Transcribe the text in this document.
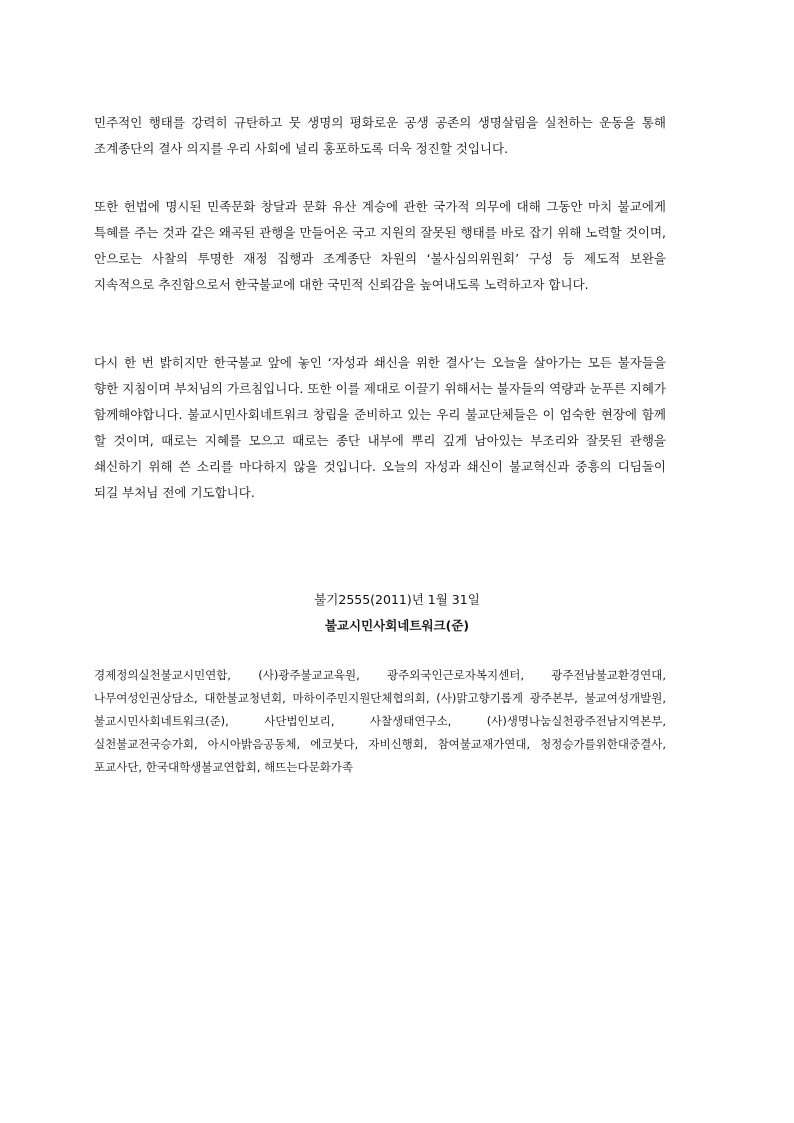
민주적인 행태를 강력히 규탄하고 뭇 생명의 평화로운 공생 공존의 생명살림을 실천하는 운동을 통해 조계종단의 결사 의지를 우리 사회에 널리 홍포하도록 더욱 정진할 것입니다.

또한 헌법에 명시된 민족문화 창달과 문화 유산 계승에 관한 국가적 의무에 대해 그동안 마치 불교에게 특혜를 주는 것과 같은 왜곡된 관행을 만들어온 국고 지원의 잘못된 행태를 바로 잡기 위해 노력할 것이며, 안으로는 사찰의 투명한 재정 집행과 조계종단 차원의 ‘불사심의위원회’ 구성 등 제도적 보완을 지속적으로 추진함으로서 한국불교에 대한 국민적 신뢰감을 높여내도록 노력하고자 합니다.

다시 한 번 밝히지만 한국불교 앞에 놓인 ‘자성과 쇄신을 위한 결사’는 오늘을 살아가는 모든 불자들을 향한 지침이며 부처님의 가르침입니다. 또한 이를 제대로 이끌기 위해서는 불자들의 역량과 눈푸른 지혜가 함께해야합니다. 불교시민사회네트워크 창립을 준비하고 있는 우리 불교단체들은 이 엄숙한 현장에 함께 할 것이며, 때로는 지혜를 모으고 때로는 종단 내부에 뿌리 깊게 남아있는 부조리와 잘못된 관행을 쇄신하기 위해 쓴 소리를 마다하지 않을 것입니다. 오늘의 자성과 쇄신이 불교혁신과 중흥의 디딤돌이 되길 부처님 전에 기도합니다.

불기2555(2011)년 1월 31일

불교시민사회네트워크(준)

경제정의실천불교시민연합, (사)광주불교교육원, 광주외국인근로자복지센터, 광주전남불교환경연대, 나무여성인권상담소, 대한불교청년회, 마하이주민지원단체협의회, (사)맑고향기롭게 광주본부, 불교여성개발원, 불교시민사회네트워크(준), 사단법인보리, 사찰생태연구소, (사)생명나눔실천광주전남지역본부, 실천불교전국승가회, 아시아밝음공동체, 에코붓다, 자비신행회, 참여불교재가연대, 청정승가를위한대중결사, 포교사단, 한국대학생불교연합회, 해뜨는다문화가족
